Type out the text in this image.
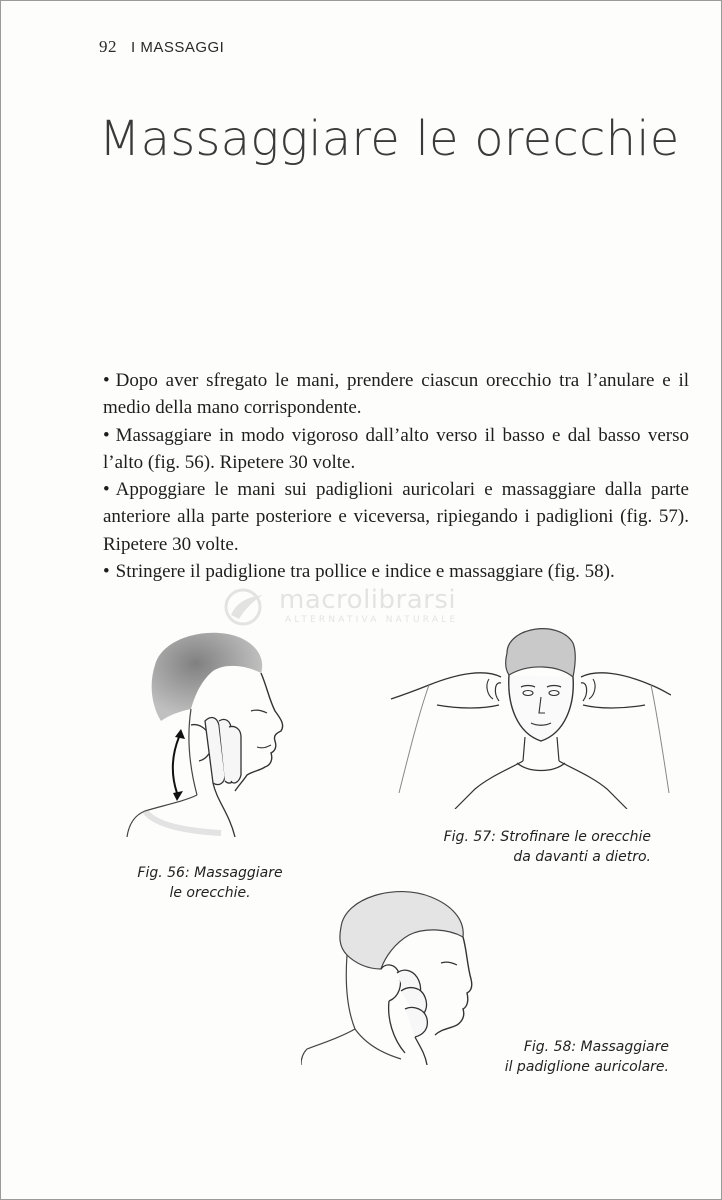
92 I MASSAGGI
Massaggiare le orecchie
• Dopo aver sfregato le mani, prendere ciascun orecchio tra l’anulare e il medio della mano corrispondente.
• Massaggiare in modo vigoroso dall’alto verso il basso e dal basso verso l’alto (fig. 56). Ripetere 30 volte.
• Appoggiare le mani sui padiglioni auricolari e massaggiare dalla parte anteriore alla parte posteriore e viceversa, ripiegando i padiglioni (fig. 57). Ripetere 30 volte.
• Stringere il padiglione tra pollice e indice e massaggiare (fig. 58).
macrolibrarsi
ALTERNATIVA NATURALE
Fig. 56: Massaggiare
le orecchie.
Fig. 57: Strofinare le orecchie
da davanti a dietro.
Fig. 58: Massaggiare
il padiglione auricolare.
